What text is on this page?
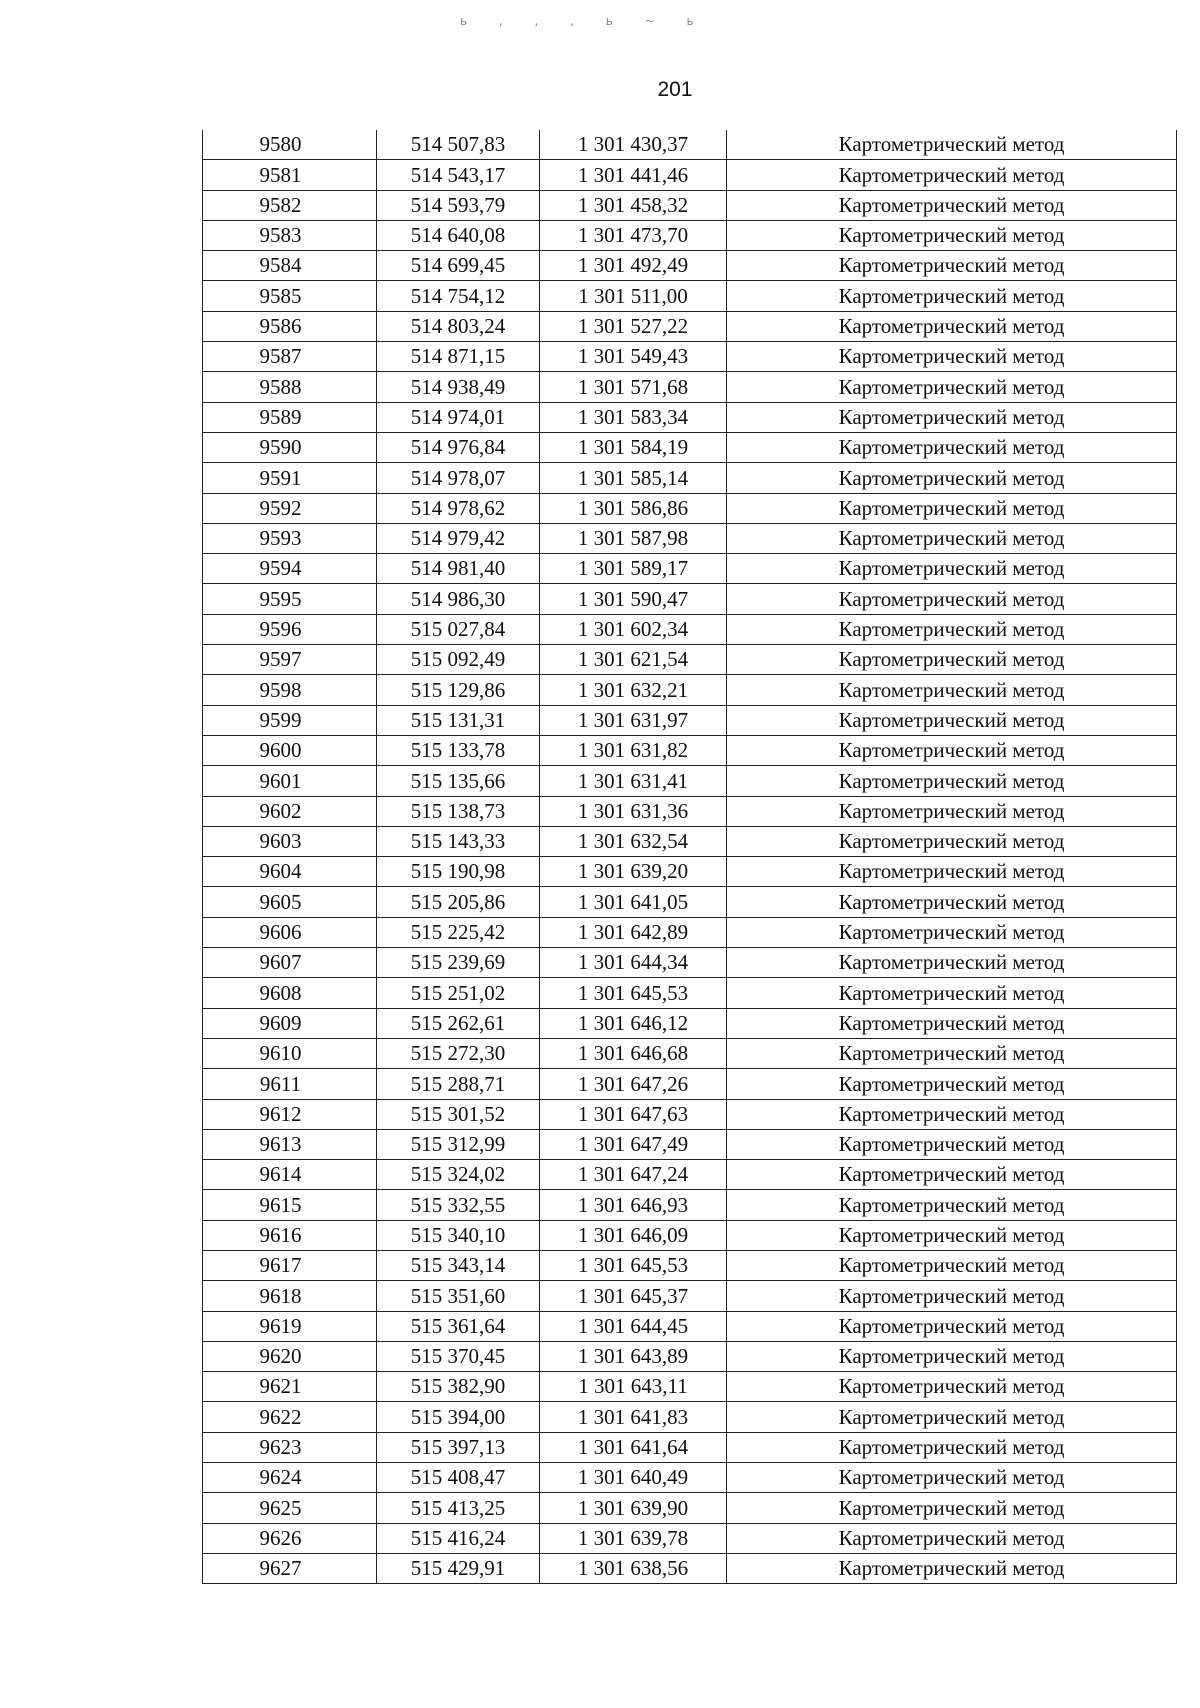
ь , , , ь ~ ь
201
9580	514 507,83	1 301 430,37	Картометрический метод
9581	514 543,17	1 301 441,46	Картометрический метод
9582	514 593,79	1 301 458,32	Картометрический метод
9583	514 640,08	1 301 473,70	Картометрический метод
9584	514 699,45	1 301 492,49	Картометрический метод
9585	514 754,12	1 301 511,00	Картометрический метод
9586	514 803,24	1 301 527,22	Картометрический метод
9587	514 871,15	1 301 549,43	Картометрический метод
9588	514 938,49	1 301 571,68	Картометрический метод
9589	514 974,01	1 301 583,34	Картометрический метод
9590	514 976,84	1 301 584,19	Картометрический метод
9591	514 978,07	1 301 585,14	Картометрический метод
9592	514 978,62	1 301 586,86	Картометрический метод
9593	514 979,42	1 301 587,98	Картометрический метод
9594	514 981,40	1 301 589,17	Картометрический метод
9595	514 986,30	1 301 590,47	Картометрический метод
9596	515 027,84	1 301 602,34	Картометрический метод
9597	515 092,49	1 301 621,54	Картометрический метод
9598	515 129,86	1 301 632,21	Картометрический метод
9599	515 131,31	1 301 631,97	Картометрический метод
9600	515 133,78	1 301 631,82	Картометрический метод
9601	515 135,66	1 301 631,41	Картометрический метод
9602	515 138,73	1 301 631,36	Картометрический метод
9603	515 143,33	1 301 632,54	Картометрический метод
9604	515 190,98	1 301 639,20	Картометрический метод
9605	515 205,86	1 301 641,05	Картометрический метод
9606	515 225,42	1 301 642,89	Картометрический метод
9607	515 239,69	1 301 644,34	Картометрический метод
9608	515 251,02	1 301 645,53	Картометрический метод
9609	515 262,61	1 301 646,12	Картометрический метод
9610	515 272,30	1 301 646,68	Картометрический метод
9611	515 288,71	1 301 647,26	Картометрический метод
9612	515 301,52	1 301 647,63	Картометрический метод
9613	515 312,99	1 301 647,49	Картометрический метод
9614	515 324,02	1 301 647,24	Картометрический метод
9615	515 332,55	1 301 646,93	Картометрический метод
9616	515 340,10	1 301 646,09	Картометрический метод
9617	515 343,14	1 301 645,53	Картометрический метод
9618	515 351,60	1 301 645,37	Картометрический метод
9619	515 361,64	1 301 644,45	Картометрический метод
9620	515 370,45	1 301 643,89	Картометрический метод
9621	515 382,90	1 301 643,11	Картометрический метод
9622	515 394,00	1 301 641,83	Картометрический метод
9623	515 397,13	1 301 641,64	Картометрический метод
9624	515 408,47	1 301 640,49	Картометрический метод
9625	515 413,25	1 301 639,90	Картометрический метод
9626	515 416,24	1 301 639,78	Картометрический метод
9627	515 429,91	1 301 638,56	Картометрический метод
